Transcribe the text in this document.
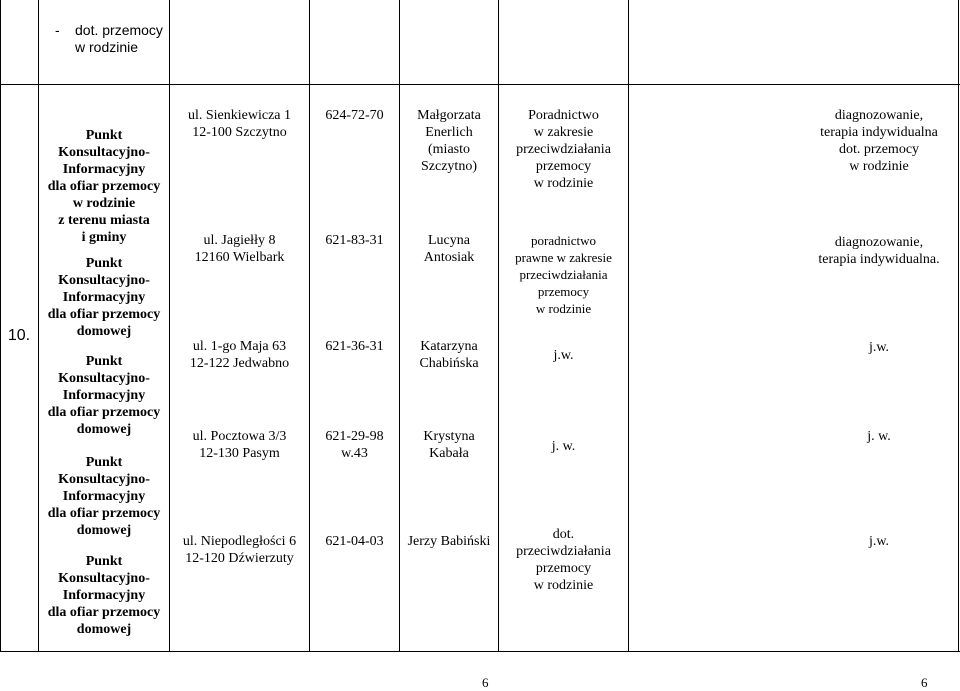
- dot. przemocy
w rodzinie
10.
Punkt
Konsultacyjno-
Informacyjny
dla ofiar przemocy
w rodzinie
z terenu miasta
i gminy
Punkt
Konsultacyjno-
Informacyjny
dla ofiar przemocy
domowej
Punkt
Konsultacyjno-
Informacyjny
dla ofiar przemocy
domowej
Punkt
Konsultacyjno-
Informacyjny
dla ofiar przemocy
domowej
Punkt
Konsultacyjno-
Informacyjny
dla ofiar przemocy
domowej
ul. Sienkiewicza 1
12-100 Szczytno
ul. Jagiełły 8
12160 Wielbark
ul. 1-go Maja 63
12-122 Jedwabno
ul. Pocztowa 3/3
12-130 Pasym
ul. Niepodległości 6
12-120 Dźwierzuty
624-72-70
621-83-31
621-36-31
621-29-98
w.43
621-04-03
Małgorzata
Enerlich
(miasto
Szczytno)
Lucyna
Antosiak
Katarzyna
Chabińska
Krystyna
Kabała
Jerzy Babiński
Poradnictwo
w zakresie
przeciwdziałania
przemocy
w rodzinie
poradnictwo
prawne w zakresie
przeciwdziałania
przemocy
w rodzinie
j.w.
j. w.
dot.
przeciwdziałania
przemocy
w rodzinie
diagnozowanie,
terapia indywidualna
dot. przemocy
w rodzinie
diagnozowanie,
terapia indywidualna.
j.w.
j. w.
j.w.
6	6
